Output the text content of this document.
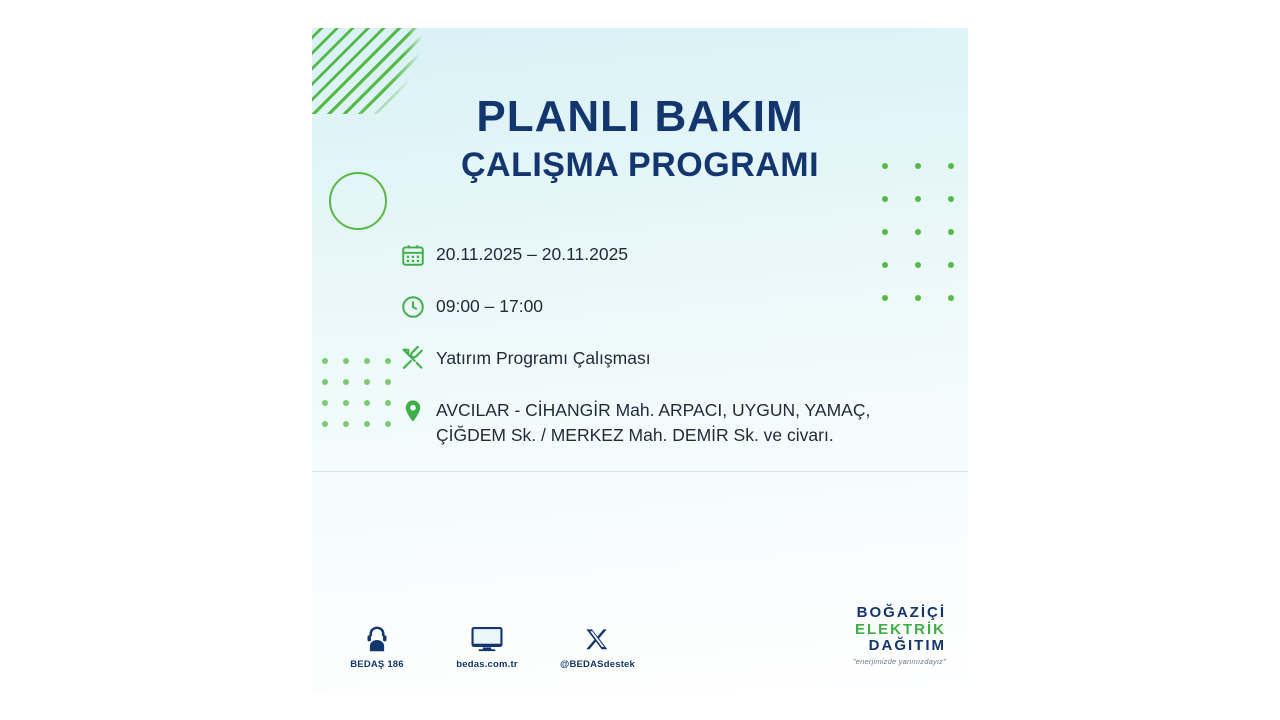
PLANLI BAKIM
ÇALIŞMA PROGRAMI
20.11.2025 – 20.11.2025
09:00 – 17:00
Yatırım Programı Çalışması
AVCILAR - CİHANGİR Mah. ARPACI, UYGUN, YAMAÇ,
ÇİĞDEM Sk. / MERKEZ Mah. DEMİR Sk. ve civarı.
BEDAŞ 186	bedas.com.tr	@BEDASdestek
BOĞAZİÇİ
ELEKTRİK
DAĞITIM
"enerjimizde yanınızdayız"
